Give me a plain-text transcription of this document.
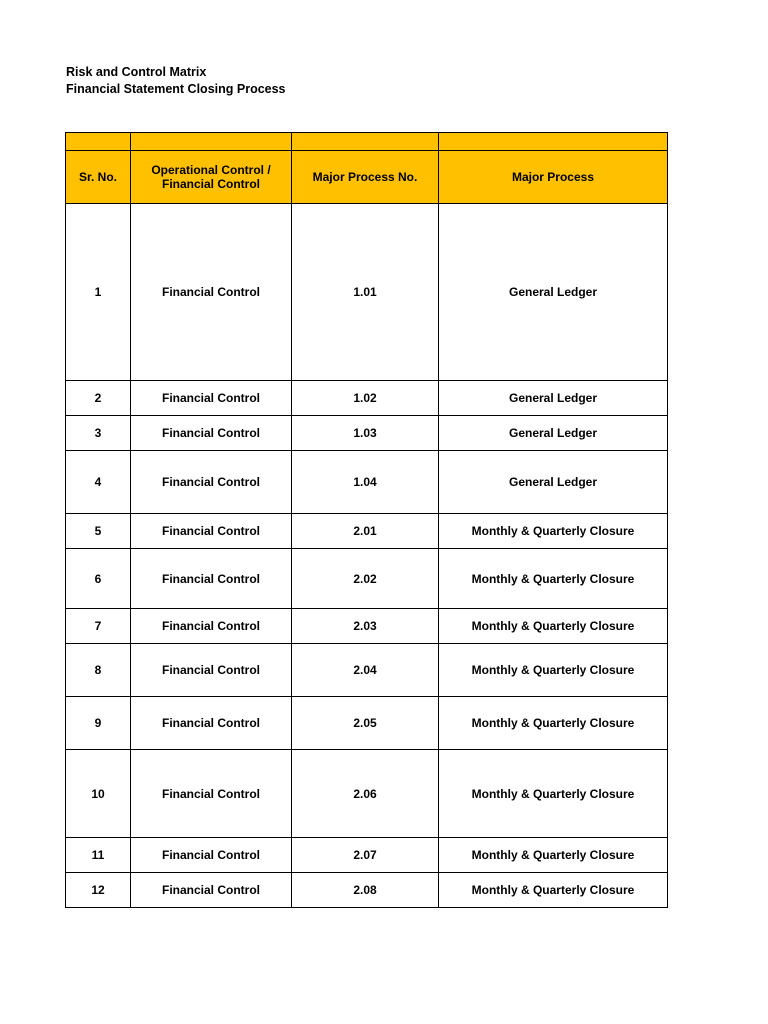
Risk and Control Matrix
Financial Statement Closing Process

Sr. No.	Operational Control / Financial Control	Major Process No.	Major Process
1	Financial Control	1.01	General Ledger
2	Financial Control	1.02	General Ledger
3	Financial Control	1.03	General Ledger
4	Financial Control	1.04	General Ledger
5	Financial Control	2.01	Monthly & Quarterly Closure
6	Financial Control	2.02	Monthly & Quarterly Closure
7	Financial Control	2.03	Monthly & Quarterly Closure
8	Financial Control	2.04	Monthly & Quarterly Closure
9	Financial Control	2.05	Monthly & Quarterly Closure
10	Financial Control	2.06	Monthly & Quarterly Closure
11	Financial Control	2.07	Monthly & Quarterly Closure
12	Financial Control	2.08	Monthly & Quarterly Closure
